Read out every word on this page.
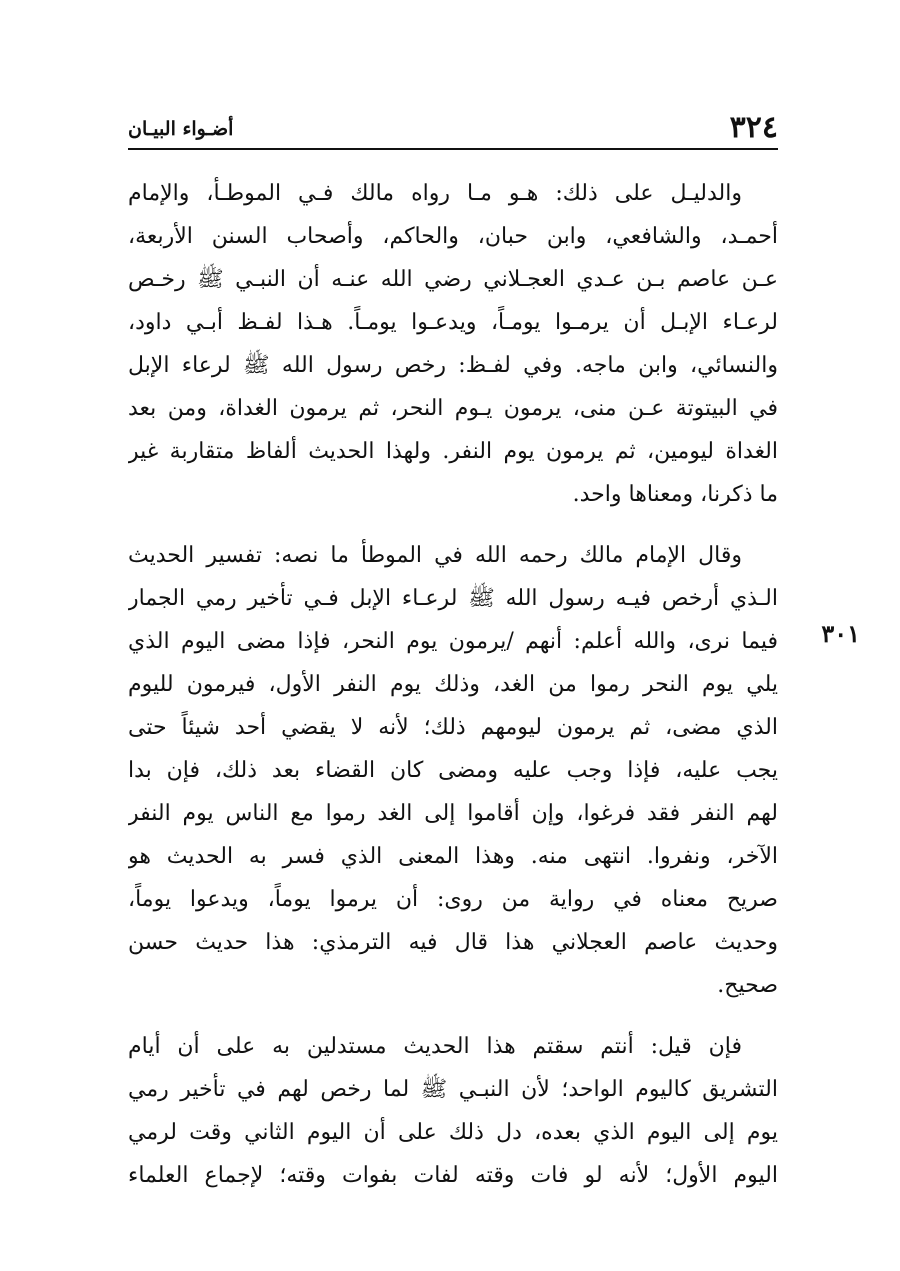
٣٢٤
أضـواء البيـان
٣٠١
والدليـل على ذلك: هـو مـا رواه مالك فـي الموطـأ، والإمام
أحمـد، والشافعي، وابن حبان، والحاكم، وأصحاب السنن الأربعة،
عـن عاصم بـن عـدي العجـلاني رضي الله عنـه أن النبـي ﷺ رخـص
لرعـاء الإبـل أن يرمـوا يومـاً، ويدعـوا يومـاً. هـذا لفـظ أبـي داود،
والنسائي، وابن ماجه. وفي لفـظ: رخص رسول الله ﷺ لرعاء الإبل
في البيتوتة عـن منى، يرمون يـوم النحر، ثم يرمون الغداة، ومن بعد
الغداة ليومين، ثم يرمون يوم النفر. ولهذا الحديث ألفاظ متقاربة غير
ما ذكرنا، ومعناها واحد.
وقال الإمام مالك رحمه الله في الموطأ ما نصه: تفسير الحديث
الـذي أرخص فيـه رسول الله ﷺ لرعـاء الإبل فـي تأخير رمي الجمار
فيما نرى، والله أعلم: أنهم /يرمون يوم النحر، فإذا مضى اليوم الذي
يلي يوم النحر رموا من الغد، وذلك يوم النفر الأول، فيرمون لليوم
الذي مضى، ثم يرمون ليومهم ذلك؛ لأنه لا يقضي أحد شيئاً حتى
يجب عليه، فإذا وجب عليه ومضى كان القضاء بعد ذلك، فإن بدا
لهم النفر فقد فرغوا، وإن أقاموا إلى الغد رموا مع الناس يوم النفر
الآخر، ونفروا. انتهى منه. وهذا المعنى الذي فسر به الحديث هو
صريح معناه في رواية من روى: أن يرموا يوماً، ويدعوا يوماً،
وحديث عاصم العجلاني هذا قال فيه الترمذي: هذا حديث حسن
صحيح.
فإن قيل: أنتم سقتم هذا الحديث مستدلين به على أن أيام
التشريق كاليوم الواحد؛ لأن النبـي ﷺ لما رخص لهم في تأخير رمي
يوم إلى اليوم الذي بعده، دل ذلك على أن اليوم الثاني وقت لرمي
اليوم الأول؛ لأنه لو فات وقته لفات بفوات وقته؛ لإجماع العلماء
